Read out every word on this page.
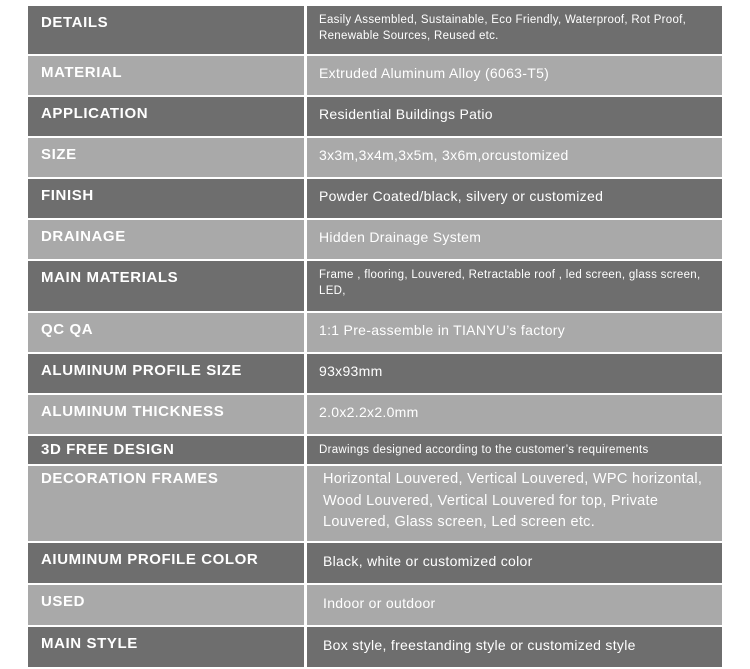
DETAILS	Easily Assembled, Sustainable, Eco Friendly, Waterproof, Rot Proof, Renewable Sources, Reused etc.
MATERIAL	Extruded Aluminum Alloy (6063-T5)
APPLICATION	Residential Buildings Patio
SIZE	3x3m,3x4m,3x5m, 3x6m,orcustomized
FINISH	Powder Coated/black, silvery or customized
DRAINAGE	Hidden Drainage System
MAIN MATERIALS	Frame , flooring, Louvered, Retractable roof , led screen, glass screen, LED,
QC QA	1:1 Pre-assemble in TIANYU’s factory
ALUMINUM PROFILE SIZE	93x93mm
ALUMINUM THICKNESS	2.0x2.2x2.0mm
3D FREE DESIGN	Drawings designed according to the customer’s requirements
DECORATION FRAMES	Horizontal Louvered, Vertical Louvered, WPC horizontal, Wood Louvered, Vertical Louvered for top, Private Louvered, Glass screen, Led screen etc.
AIUMINUM PROFILE COLOR	Black, white or customized color
USED	Indoor or outdoor
MAIN STYLE	Box style, freestanding style or customized style
